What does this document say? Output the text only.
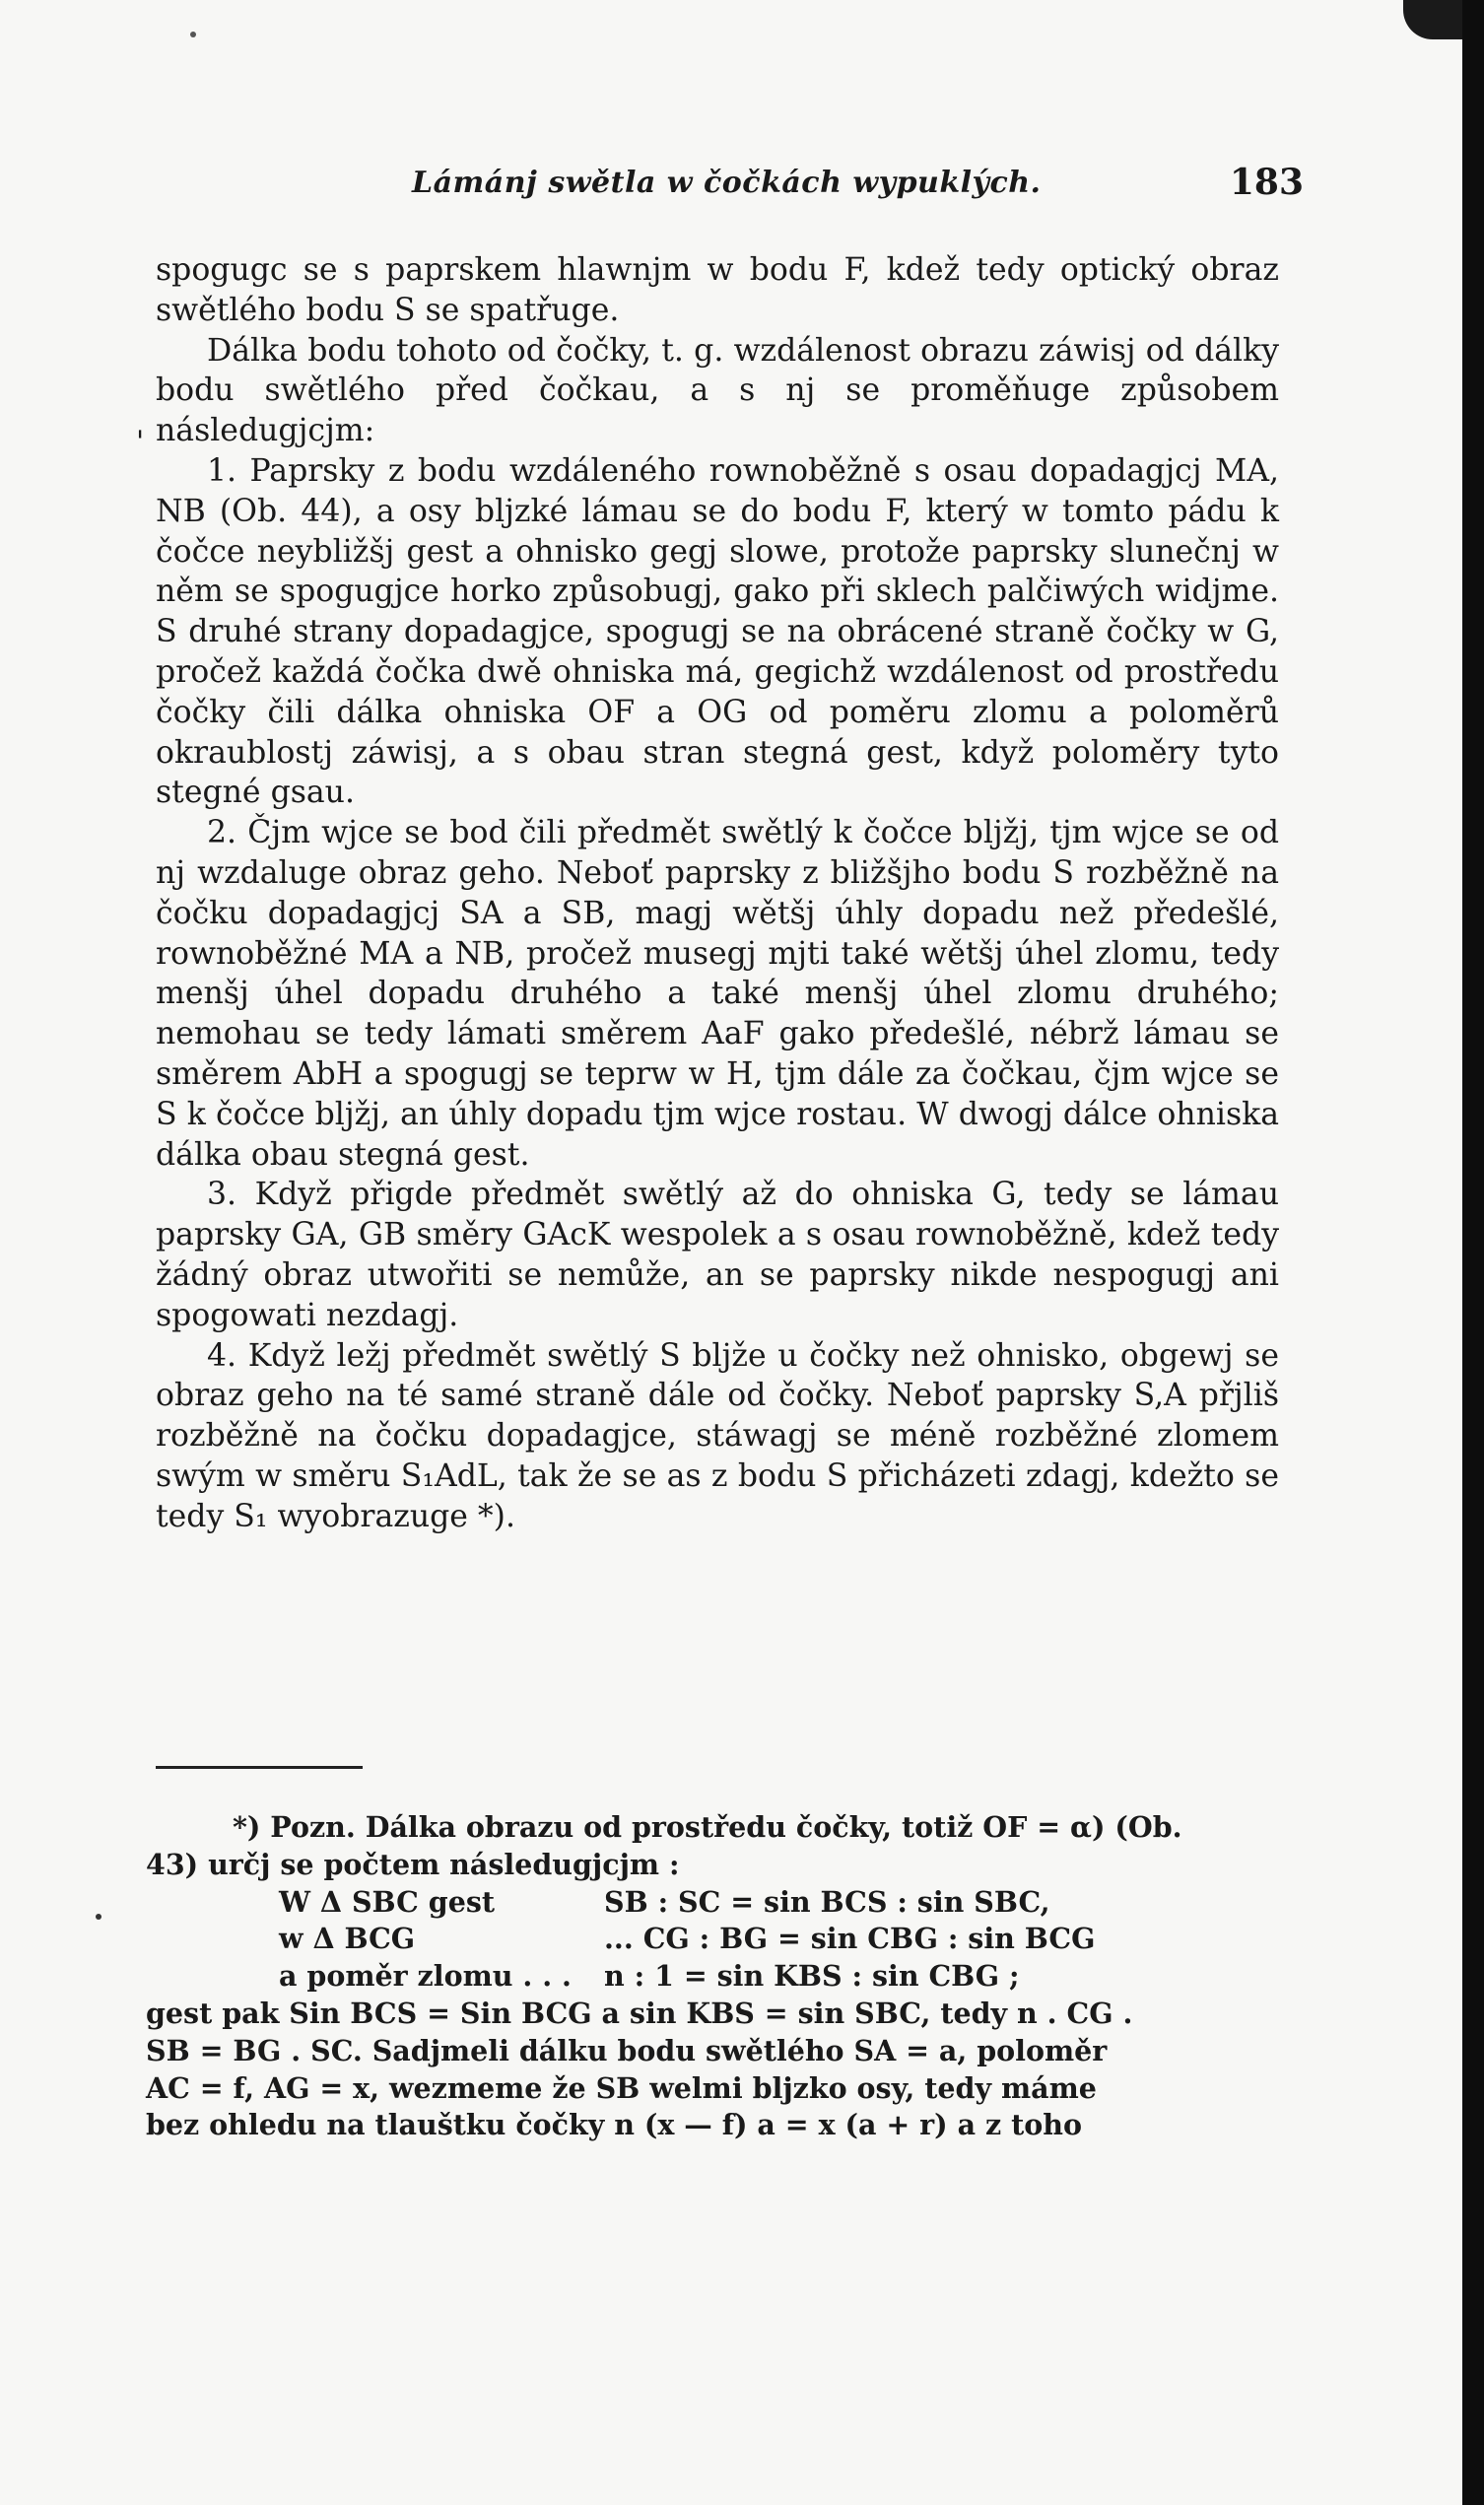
Lámánj swětla w čočkách wypuklých.	183
'

spogugc se s paprskem hlawnjm w bodu F, kdež tedy optický obraz swětlého bodu S se spatřuge.

Dálka bodu tohoto od čočky, t. g. wzdálenost obrazu záwisj od dálky bodu swětlého před čočkau, a s nj se proměňuge způsobem následugjcjm:

1. Paprsky z bodu wzdáleného rownoběžně s osau dopadagjcj MA, NB (Ob. 44), a osy bljzké lámau se do bodu F, který w tomto pádu k čočce neybližšj gest a ohnisko gegj slowe, protože paprsky slunečnj w něm se spogugjce horko způsobugj, gako při sklech palčiwých widjme. S druhé strany dopadagjce, spogugj se na obrácené straně čočky w G, pročež každá čočka dwě ohniska má, gegichž wzdálenost od prostředu čočky čili dálka ohniska OF a OG od poměru zlomu a poloměrů okraublostj záwisj, a s obau stran stegná gest, když poloměry tyto stegné gsau.

2. Čjm wjce se bod čili předmět swětlý k čočce bljžj, tjm wjce se od nj wzdaluge obraz geho. Neboť paprsky z bližšjho bodu S rozběžně na čočku dopadagjcj SA a SB, magj wětšj úhly dopadu než předešlé, rownoběžné MA a NB, pročež musegj mjti také wětšj úhel zlomu, tedy menšj úhel dopadu druhého a také menšj úhel zlomu druhého; nemohau se tedy lámati směrem AaF gako předešlé, nébrž lámau se směrem AbH a spogugj se teprw w H, tjm dále za čočkau, čjm wjce se S k čočce bljžj, an úhly dopadu tjm wjce rostau. W dwogj dálce ohniska dálka obau stegná gest.

3. Když přigde předmět swětlý až do ohniska G, tedy se lámau paprsky GA, GB směry GAcK wespolek a s osau rownoběžně, kdež tedy žádný obraz utwořiti se nemůže, an se paprsky nikde nespogugj ani spogowati nezdagj.

4. Když ležj předmět swětlý S bljže u čočky než ohnisko, obgewj se obraz geho na té samé straně dále od čočky. Neboť paprsky S,A přjliš rozběžně na čočku dopadagjce, stáwagj se méně rozběžné zlomem swým w směru S₁AdL, tak že se as z bodu S přicházeti zdagj, kdežto se tedy S₁ wyobrazuge *).

*) Pozn. Dálka obrazu od prostředu čočky, totiž OF = α) (Ob.

43) určj se počtem následugjcjm :

W Δ SBC gest	SB : SC = sin BCS : sin SBC,

w Δ BCG	... CG : BG = sin CBG : sin BCG

a poměr zlomu . . . n : 1 = sin KBS : sin CBG ;

gest pak Sin BCS = Sin BCG a sin KBS = sin SBC, tedy n . CG .

SB = BG . SC. Sadjmeli dálku bodu swětlého SA = a, poloměr

AC = f, AG = x, wezmeme že SB welmi bljzko osy, tedy máme

bez ohledu na tlauštku čočky n (x — f) a = x (a + r) a z toho
